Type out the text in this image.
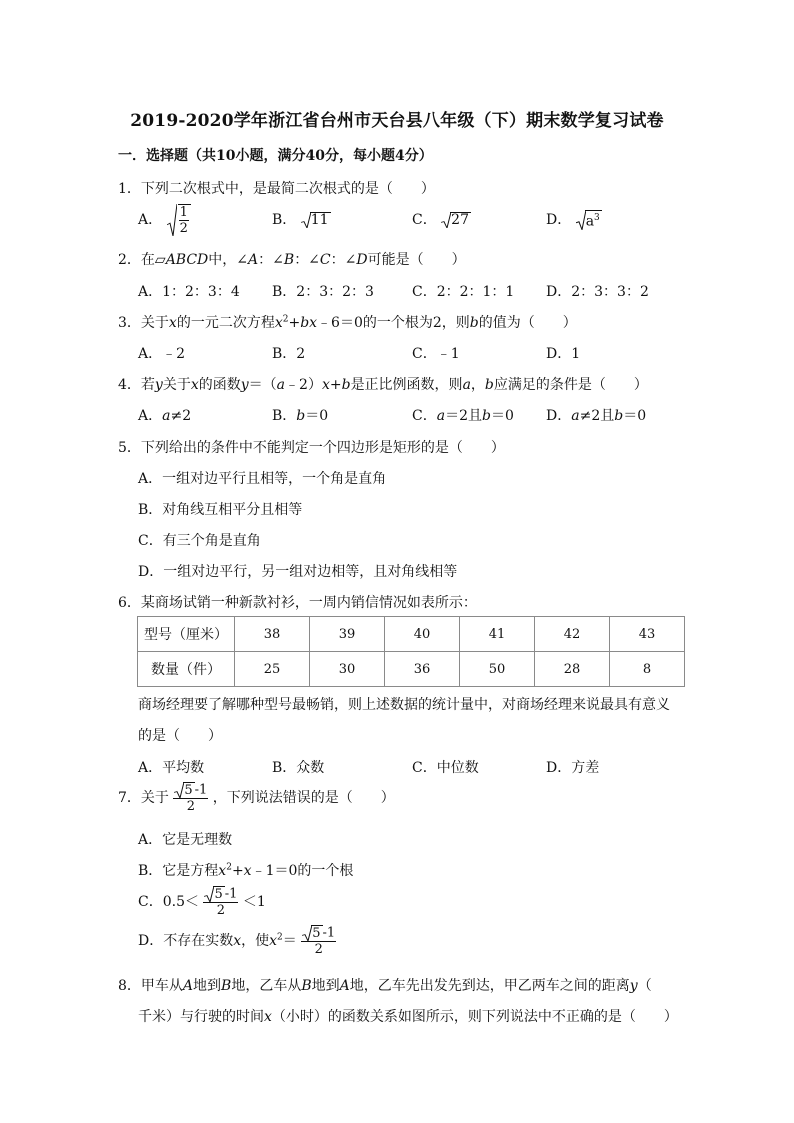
2019-2020学年浙江省台州市天台县八年级（下）期末数学复习试卷
一．选择题（共10小题，满分40分，每小题4分）
1．下列二次根式中，是最简二次根式的是（　　）
A． $\frac{1}{2}$	B． 11	C． 27	D． $a^3$
2．在▱ABCD中，∠A：∠B：∠C：∠D可能是（　　）
A．1：2：3：4 B．2：3：2：3	C．2：2：1：1 D．2：3：3：2
3．关于x的一元二次方程$x^2+bx﹣6=0$的一个根为2，则b的值为（　　）
A．﹣2	B．2	C．﹣1	D．1
4．若y关于x的函数y＝（a﹣2）x+b是正比例函数，则a，b应满足的条件是（　　）
A．a≠2	B．b＝0	C．a＝2且b＝0 D．a≠2且b＝0
5．下列给出的条件中不能判定一个四边形是矩形的是（　　）
A．一组对边平行且相等，一个角是直角
B．对角线互相平分且相等
C．有三个角是直角
D．一组对边平行，另一组对边相等，且对角线相等
6．某商场试销一种新款衬衫，一周内销信情况如表所示：
型号（厘米）	38	39	40	41	42	43
数量（件）	25	30	36	50	28	8
商场经理要了解哪种型号最畅销，则上述数据的统计量中，对商场经理来说最具有意义
的是（　　）
A．平均数	B．众数	C．中位数	D．方差
7．关于 $\frac{5 -1}{2}$ ，下列说法错误的是（　　）
A．它是无理数
B．它是方程$x^2+x﹣1=0$的一个根
C．$0.5< \frac{5 -1}{2} <1$
D．不存在实数x，使$x^2= \frac{5 -1}{2}$
8．甲车从A地到B地，乙车从B地到A地，乙车先出发先到达，甲乙两车之间的距离y（
千米）与行驶的时间x（小时）的函数关系如图所示，则下列说法中不正确的是（　　）
